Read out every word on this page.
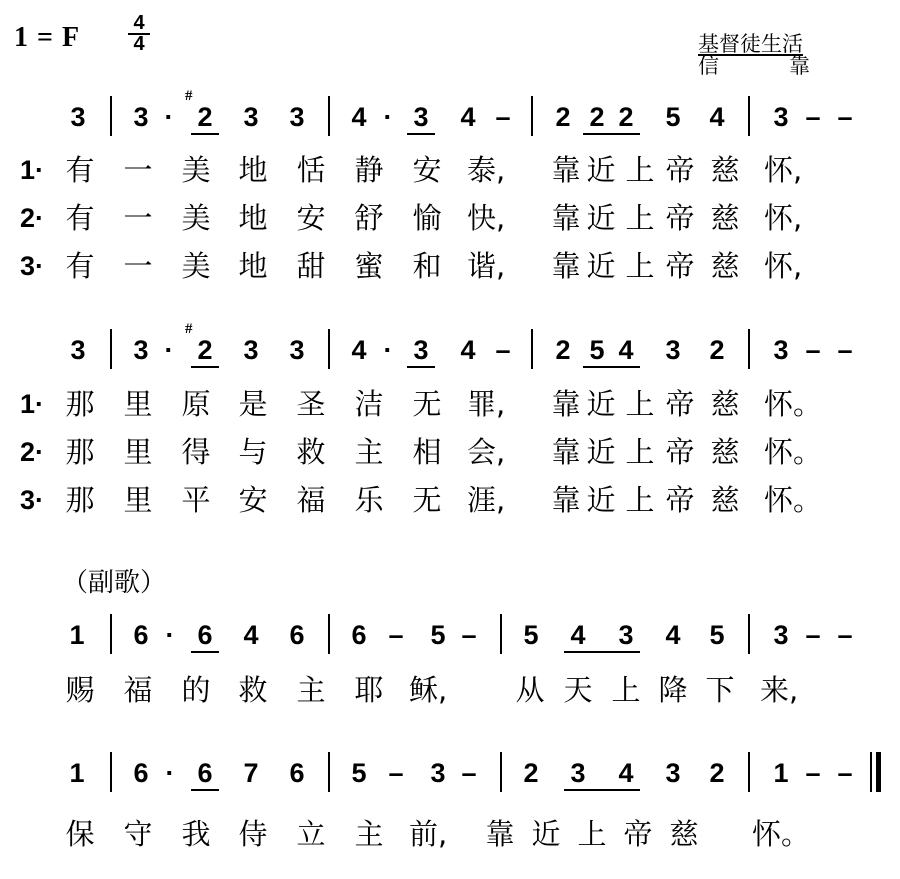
1 = F	4
4	基督徒生活
信	靠
3 3 · 2 3 3 4 · 3 4 – 2 2 2 5 4 3 – –
#
1· 有 一 美 地 恬 静 安 泰, 靠 近 上 帝 慈 怀,
2· 有 一 美 地 安 舒 愉 快, 靠 近 上 帝 慈 怀,
3· 有 一 美 地 甜 蜜 和 谐, 靠 近 上 帝 慈 怀,
3 3 · 2 3 3 4 · 3 4 – 2 5 4 3 2 3 – –
#
1· 那 里 原 是 圣 洁 无 罪, 靠 近 上 帝 慈 怀。
2· 那 里 得 与 救 主 相 会, 靠 近 上 帝 慈 怀。
3· 那 里 平 安 福 乐 无 涯, 靠 近 上 帝 慈 怀。
（副歌）
1 6 · 6 4 6 6 – 5 – 5 4 3 4 5 3 – –
赐 福 的 救 主 耶 稣, 从 天 上 降 下 来,
1 6 · 6 7 6 5 – 3 – 2 3 4 3 2 1 – –
保 守 我 侍 立 主 前, 靠 近 上 帝 慈 怀。
